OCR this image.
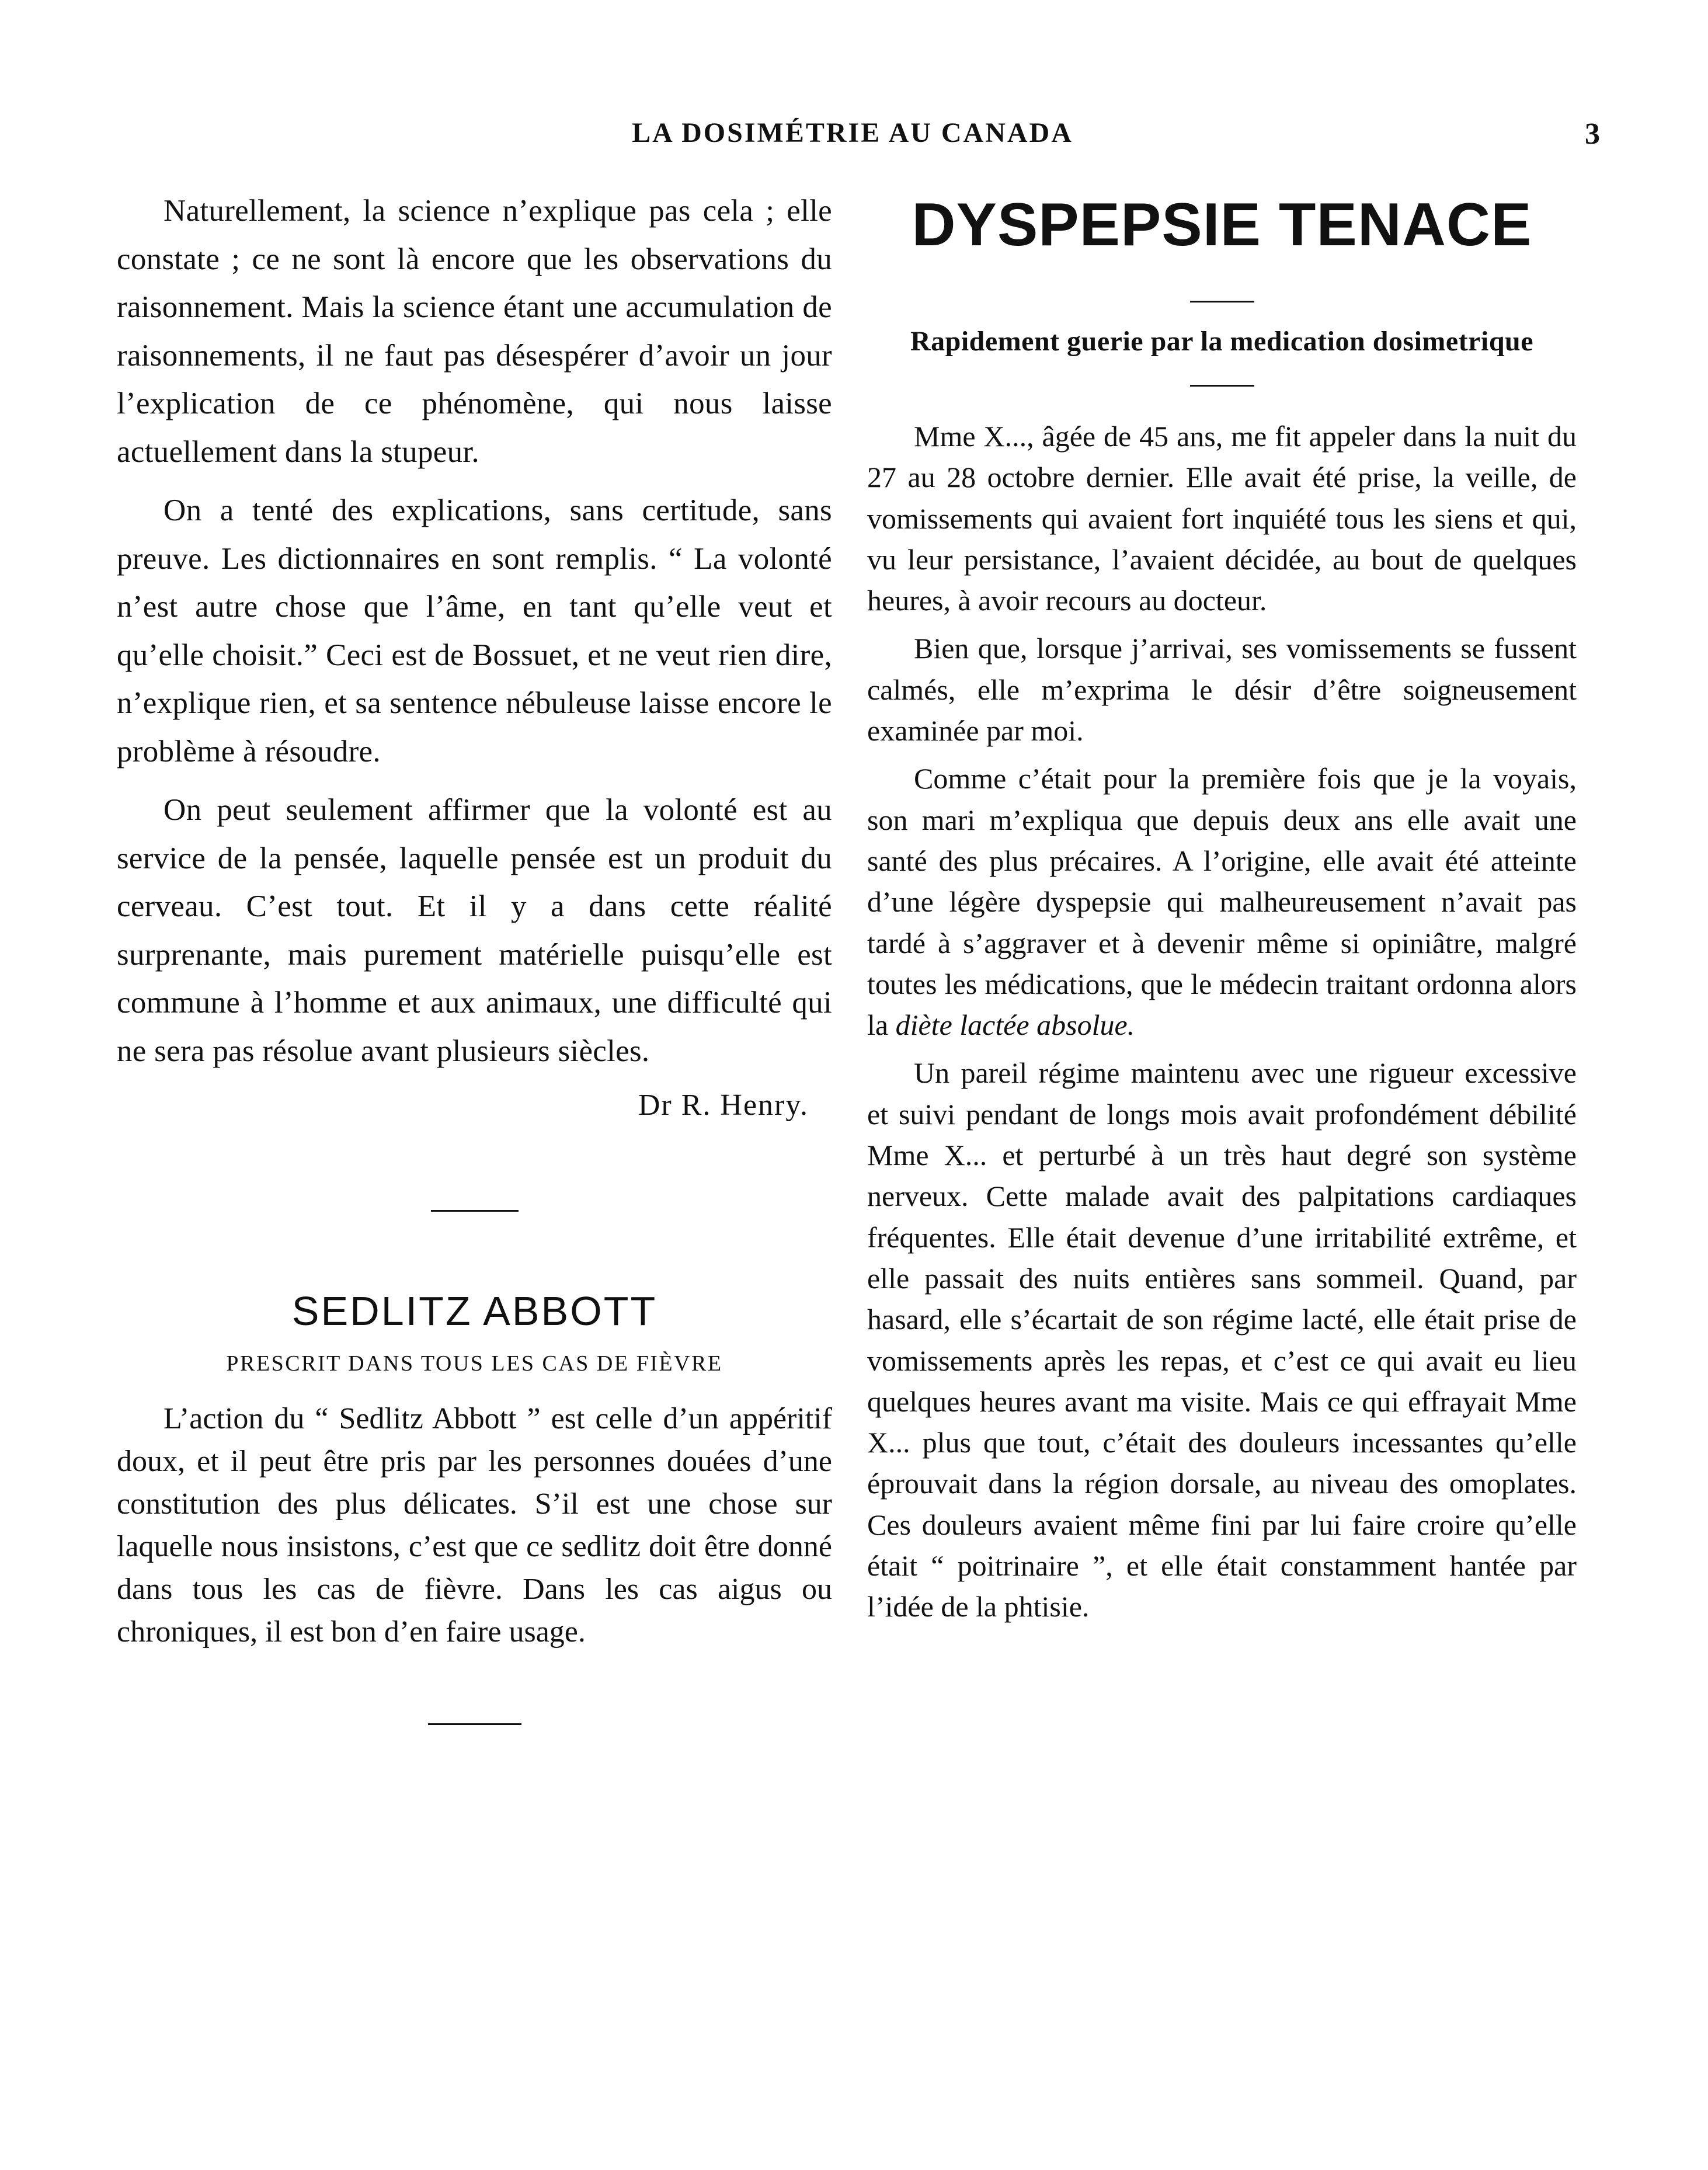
LA DOSIMÉTRIE AU CANADA	3

Naturellement, la science n’explique pas cela ; elle constate ; ce ne sont là encore que les observations du raisonnement. Mais la science étant une accumulation de raisonnements, il ne faut pas désespérer d’avoir un jour l’explication de ce phénomène, qui nous laisse actuellement dans la stupeur.

On a tenté des explications, sans certitude, sans preuve. Les dictionnaires en sont remplis. “ La volonté n’est autre chose que l’âme, en tant qu’elle veut et qu’elle choisit.” Ceci est de Bossuet, et ne veut rien dire, n’explique rien, et sa sentence nébuleuse laisse encore le problème à résoudre.

On peut seulement affirmer que la volonté est au service de la pensée, laquelle pensée est un produit du cerveau. C’est tout. Et il y a dans cette réalité surprenante, mais purement matérielle puisqu’elle est commune à l’homme et aux animaux, une difficulté qui ne sera pas résolue avant plusieurs siècles.

Dr R. Henry.
SEDLITZ ABBOTT
PRESCRIT DANS TOUS LES CAS DE FIÈVRE

L’action du “ Sedlitz Abbott ” est celle d’un appéritif doux, et il peut être pris par les personnes douées d’une constitution des plus délicates. S’il est une chose sur laquelle nous insistons, c’est que ce sedlitz doit être donné dans tous les cas de fièvre. Dans les cas aigus ou chroniques, il est bon d’en faire usage.

DYSPEPSIE TENACE
Rapidement guerie par la medication dosimetrique

Mme X..., âgée de 45 ans, me fit appeler dans la nuit du 27 au 28 octobre dernier. Elle avait été prise, la veille, de vomissements qui avaient fort inquiété tous les siens et qui, vu leur persistance, l’avaient décidée, au bout de quelques heures, à avoir recours au docteur.

Bien que, lorsque j’arrivai, ses vomissements se fussent calmés, elle m’exprima le désir d’être soigneusement examinée par moi.

Comme c’était pour la première fois que je la voyais, son mari m’expliqua que depuis deux ans elle avait une santé des plus précaires. A l’origine, elle avait été atteinte d’une légère dyspepsie qui malheureusement n’avait pas tardé à s’aggraver et à devenir même si opiniâtre, malgré toutes les médications, que le médecin traitant ordonna alors la diète lactée absolue.

Un pareil régime maintenu avec une rigueur excessive et suivi pendant de longs mois avait profondément débilité Mme X... et perturbé à un très haut degré son système nerveux. Cette malade avait des palpitations cardiaques fréquentes. Elle était devenue d’une irritabilité extrême, et elle passait des nuits entières sans sommeil. Quand, par hasard, elle s’écartait de son régime lacté, elle était prise de vomissements après les repas, et c’est ce qui avait eu lieu quelques heures avant ma visite. Mais ce qui effrayait Mme X... plus que tout, c’était des douleurs incessantes qu’elle éprouvait dans la région dorsale, au niveau des omoplates. Ces douleurs avaient même fini par lui faire croire qu’elle était “ poitrinaire ”, et elle était constamment hantée par l’idée de la phtisie.
